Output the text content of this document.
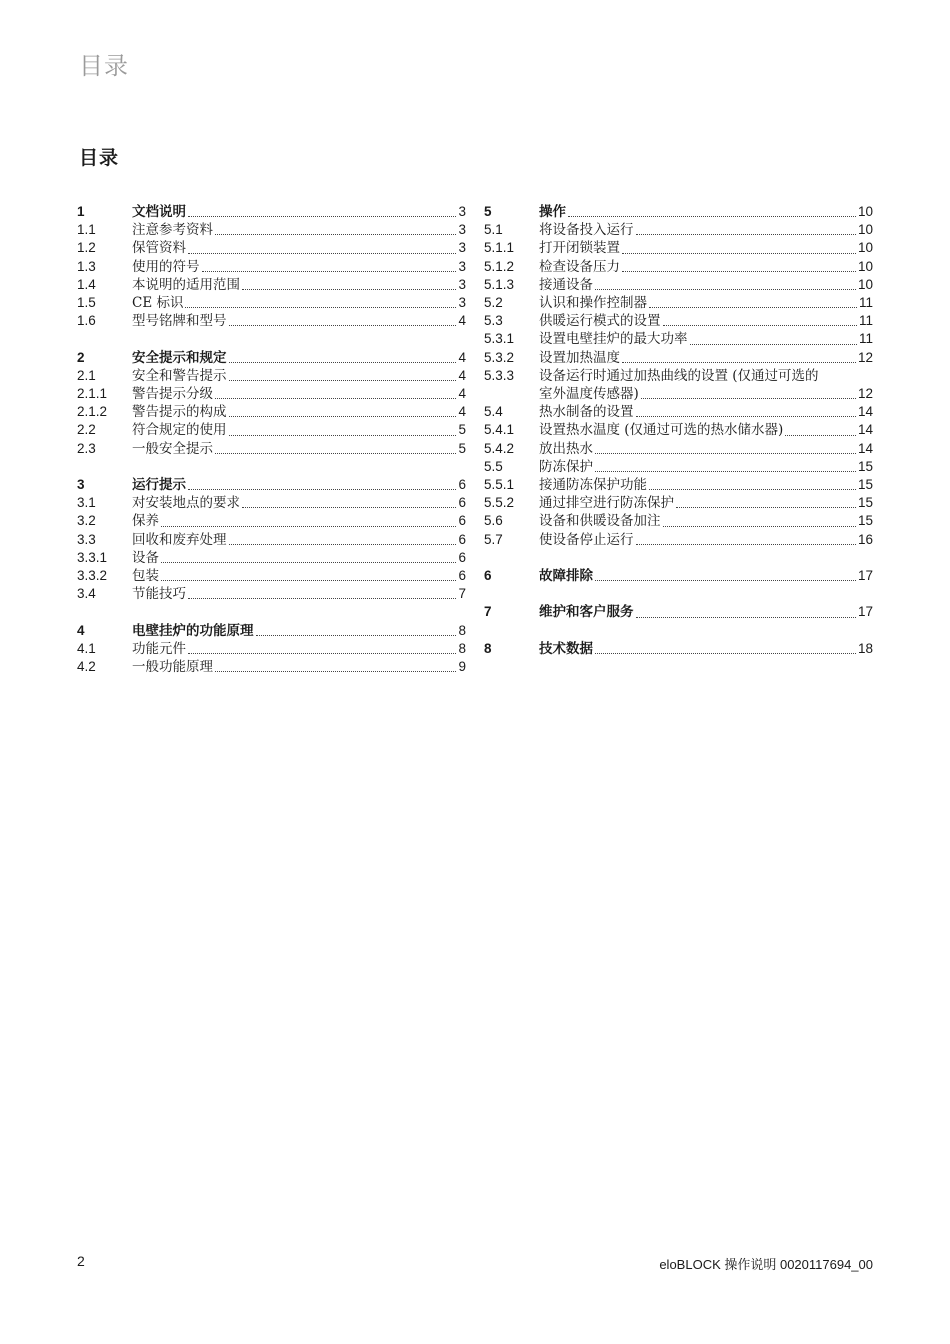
目录
目录
1	文档说明	3
1.1	注意参考资料	3
1.2	保管资料	3
1.3	使用的符号	3
1.4	本说明的适用范围	3
1.5	CE 标识	3
1.6	型号铭牌和型号	4
2	安全提示和规定	4
2.1	安全和警告提示	4
2.1.1 警告提示分级	4
2.1.2 警告提示的构成	4
2.2	符合规定的使用	5
2.3	一般安全提示	5
3	运行提示	6
3.1	对安装地点的要求	6
3.2	保养	6
3.3	回收和废弃处理	6
3.3.1 设备	6
3.3.2 包装	6
3.4	节能技巧	7
4	电壁挂炉的功能原理	8
4.1	功能元件	8
4.2	一般功能原理	9
5	操作	10
5.1	将设备投入运行	10
5.1.1 打开闭锁装置	10
5.1.2 检查设备压力	10
5.1.3 接通设备	10
5.2	认识和操作控制器	11
5.3	供暖运行模式的设置	11
5.3.1 设置电壁挂炉的最大功率	11
5.3.2 设置加热温度	12
5.3.3 设备运行时通过加热曲线的设置 (仅通过可选的
室外温度传感器)	12
5.4	热水制备的设置	14
5.4.1 设置热水温度 (仅通过可选的热水储水器)	14
5.4.2 放出热水	14
5.5	防冻保护	15
5.5.1 接通防冻保护功能	15
5.5.2 通过排空进行防冻保护	15
5.6	设备和供暖设备加注	15
5.7	使设备停止运行	16
6	故障排除	17
7	维护和客户服务	17
8	技术数据	18
2	eloBLOCK 操作说明 0020117694_00
